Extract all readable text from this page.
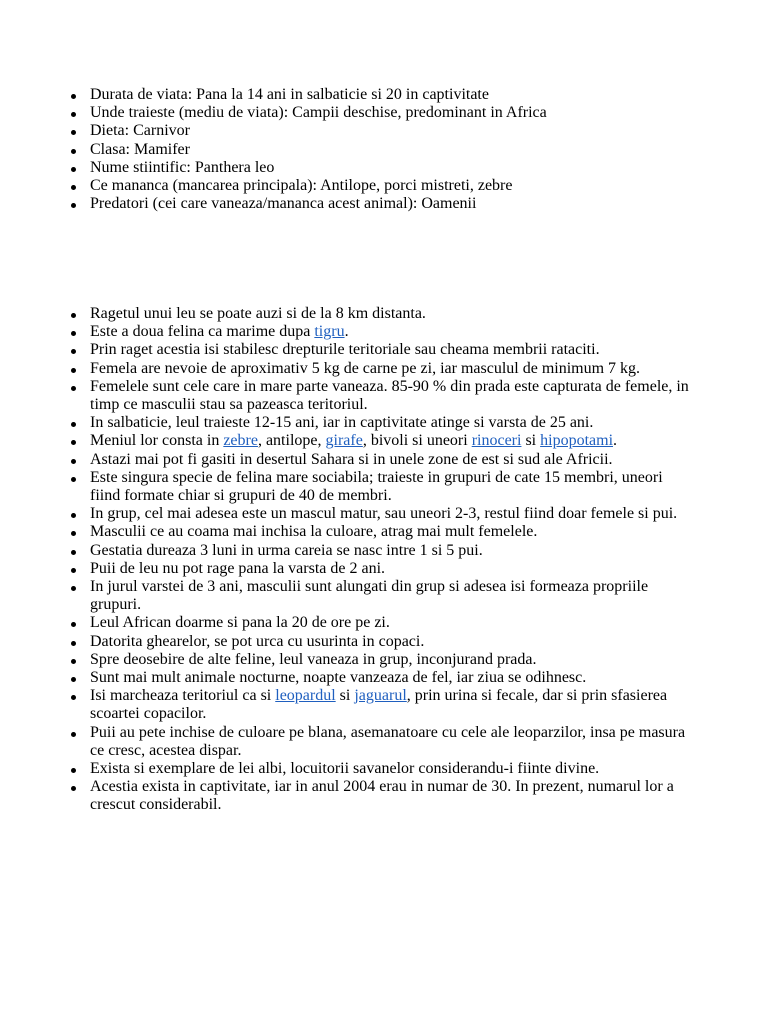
Durata de viata: Pana la 14 ani in salbaticie si 20 in captivitate
Unde traieste (mediu de viata): Campii deschise, predominant in Africa
Dieta: Carnivor
Clasa: Mamifer
Nume stiintific: Panthera leo
Ce mananca (mancarea principala): Antilope, porci mistreti, zebre
Predatori (cei care vaneaza/mananca acest animal): Oamenii
Ragetul unui leu se poate auzi si de la 8 km distanta.
Este a doua felina ca marime dupa tigru.
Prin raget acestia isi stabilesc drepturile teritoriale sau cheama membrii rataciti.
Femela are nevoie de aproximativ 5 kg de carne pe zi, iar masculul de minimum 7 kg.
Femelele sunt cele care in mare parte vaneaza. 85-90 % din prada este capturata de femele, in timp ce masculii stau sa pazeasca teritoriul.
In salbaticie, leul traieste 12-15 ani, iar in captivitate atinge si varsta de 25 ani.
Meniul lor consta in zebre, antilope, girafe, bivoli si uneori rinoceri si hipopotami.
Astazi mai pot fi gasiti in desertul Sahara si in unele zone de est si sud ale Africii.
Este singura specie de felina mare sociabila; traieste in grupuri de cate 15 membri, uneori fiind formate chiar si grupuri de 40 de membri.
In grup, cel mai adesea este un mascul matur, sau uneori 2-3, restul fiind doar femele si pui.
Masculii ce au coama mai inchisa la culoare, atrag mai mult femelele.
Gestatia dureaza 3 luni in urma careia se nasc intre 1 si 5 pui.
Puii de leu nu pot rage pana la varsta de 2 ani.
In jurul varstei de 3 ani, masculii sunt alungati din grup si adesea isi formeaza propriile grupuri.
Leul African doarme si pana la 20 de ore pe zi.
Datorita ghearelor, se pot urca cu usurinta in copaci.
Spre deosebire de alte feline, leul vaneaza in grup, inconjurand prada.
Sunt mai mult animale nocturne, noapte vanzeaza de fel, iar ziua se odihnesc.
Isi marcheaza teritoriul ca si leopardul si jaguarul, prin urina si fecale, dar si prin sfasierea scoartei copacilor.
Puii au pete inchise de culoare pe blana, asemanatoare cu cele ale leoparzilor, insa pe masura ce cresc, acestea dispar.
Exista si exemplare de lei albi, locuitorii savanelor considerandu-i fiinte divine.
Acestia exista in captivitate, iar in anul 2004 erau in numar de 30. In prezent, numarul lor a crescut considerabil.
